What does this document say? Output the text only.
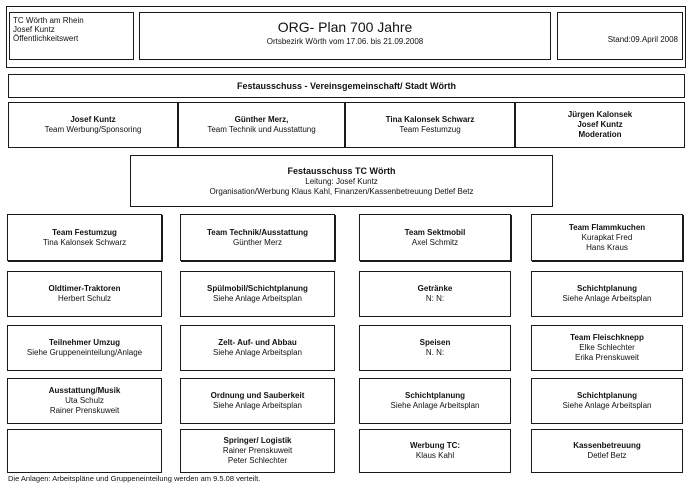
TC Wörth am Rhein
Josef Kuntz
Öffentlichkeitswert
ORG- Plan 700 Jahre
Ortsbezirk Wörth vom 17.06. bis 21.09.2008	Stand:09.April 2008
Festausschuss - Vereinsgemeinschaft/ Stadt Wörth
Josef Kuntz
Team Werbung/Sponsoring
Günther Merz,
Team Technik und Ausstattung
Tina Kalonsek Schwarz
Team Festumzug
Jürgen Kalonsek
Josef Kuntz
Moderation
Festausschuss TC Wörth
Leitung: Josef Kuntz
Organisation/Werbung Klaus Kahl, Finanzen/Kassenbetreuung Detlef Betz
Team Festumzug
Tina Kalonsek Schwarz
Oldtimer-Traktoren
Herbert Schulz
Teilnehmer Umzug
Siehe Gruppeneinteilung/Anlage
Ausstattung/Musik
Uta Schulz
Rainer Prenskuweit
Team Technik/Ausstattung
Günther Merz
Spülmobil/Schichtplanung
Siehe Anlage Arbeitsplan
Zelt- Auf- und Abbau
Siehe Anlage Arbeitsplan
Ordnung und Sauberkeit
Siehe Anlage Arbeitsplan
Springer/ Logistik
Rainer Prenskuweit
Peter Schlechter
Team Sektmobil
Axel Schmitz
Getränke
N: N:
Speisen
N. N:
Schichtplanung
Siehe Anlage Arbeitsplan
Werbung TC:
Klaus Kahl
Team Flammkuchen
Kurapkat Fred
Hans Kraus
Schichtplanung
Siehe Anlage Arbeitsplan
Team Fleischknepp
Elke Schlechter
Erika Prenskuweit
Schichtplanung
Siehe Anlage Arbeitsplan
Kassenbetreuung
Detlef Betz
Die Anlagen: Arbeitspläne und Gruppeneinteilung werden am 9.5.08 verteilt.
